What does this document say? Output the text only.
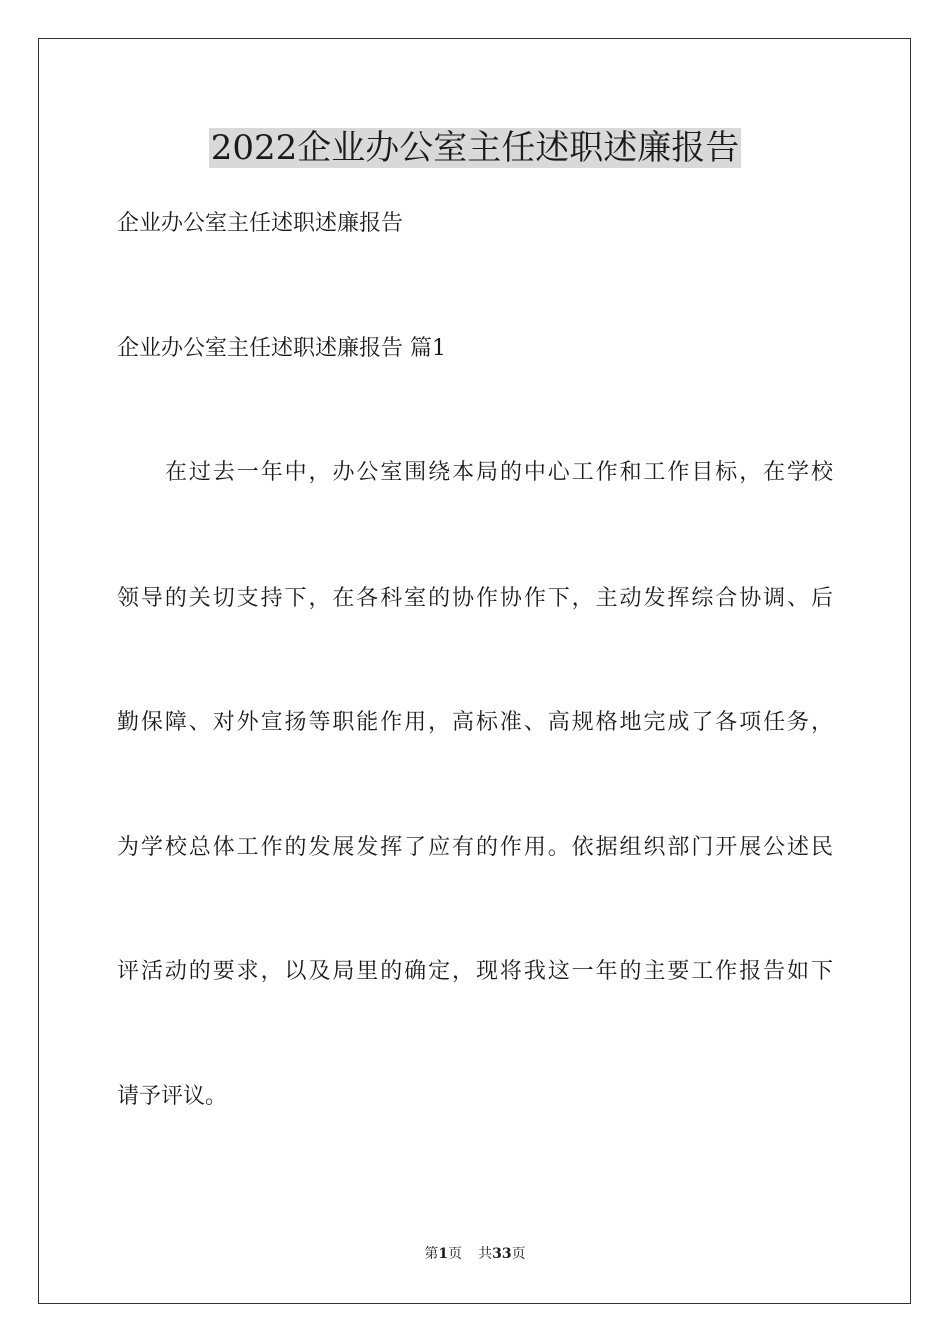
2022企业办公室主任述职述廉报告
企业办公室主任述职述廉报告
企业办公室主任述职述廉报告 篇1
在过去一年中，办公室围绕本局的中心工作和工作目标，在学校
领导的关切支持下，在各科室的协作协作下，主动发挥综合协调、后
勤保障、对外宣扬等职能作用，高标准、高规格地完成了各项任务，
为学校总体工作的发展发挥了应有的作用。依据组织部门开展公述民
评活动的要求，以及局里的确定，现将我这一年的主要工作报告如下
请予评议。
第1页 共33页
